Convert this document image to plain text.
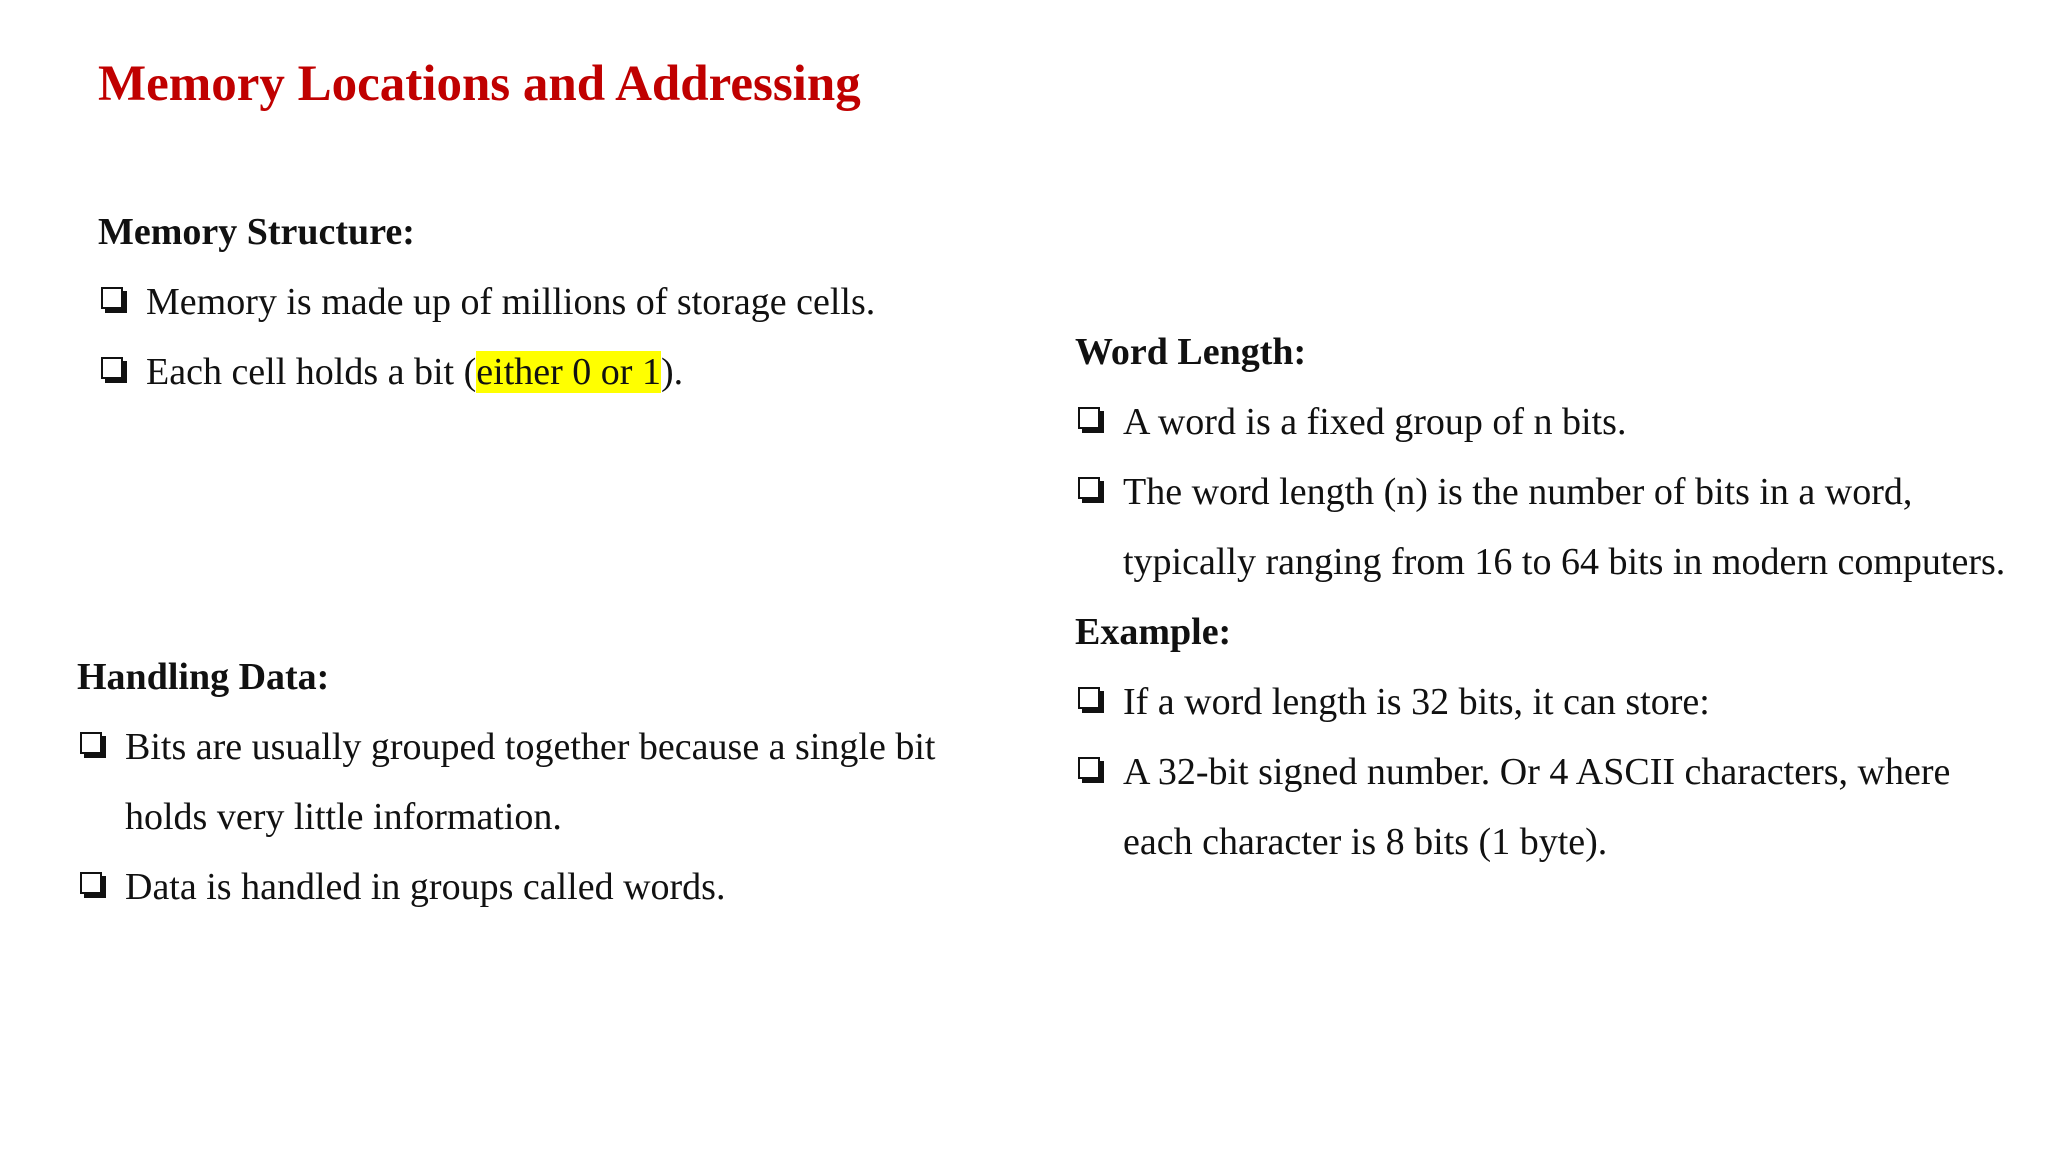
Memory Locations and Addressing
Memory Structure:
Memory is made up of millions of storage cells.
Each cell holds a bit (either 0 or 1).	Word Length:
A word is a fixed group of n bits.
The word length (n) is the number of bits in a word,
typically ranging from 16 to 64 bits in modern computers.
Example:
If a word length is 32 bits, it can store:
A 32-bit signed number. Or 4 ASCII characters, where
each character is 8 bits (1 byte).
Handling Data:
Bits are usually grouped together because a single bit
holds very little information.
Data is handled in groups called words.
